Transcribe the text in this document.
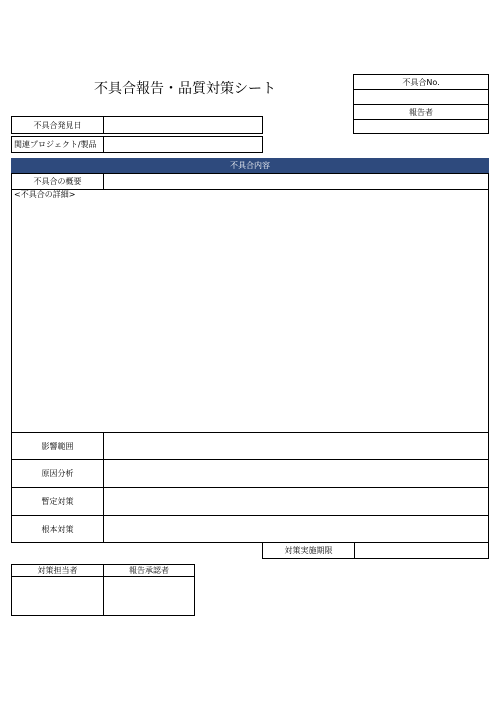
不具合報告・品質対策シート	不具合No.
報告者
不具合発見日
関連プロジェクト/製品
不具合内容
不具合の概要
<不具合の詳細>
影響範囲
原因分析
暫定対策
根本対策
対策実施期限
対策担当者	報告承認者
